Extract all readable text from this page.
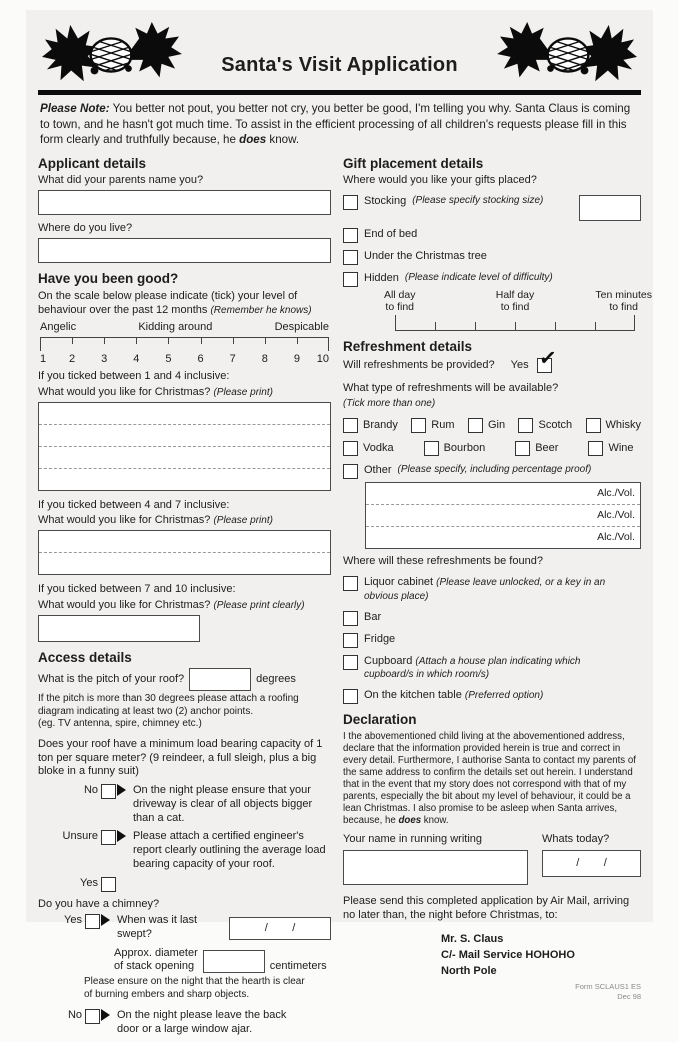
Santa's Visit Application

Please Note: You better not pout, you better not cry, you better be good, I'm telling you why. Santa Claus is coming to town, and he hasn't got much time. To assist in the efficient processing of all children's requests please fill in this form clearly and truthfully because, he does know.

Applicant details
What did your parents name you?
Where do you live?
Have you been good?
On the scale below please indicate (tick) your level of behaviour over the past 12 months (Remember he knows)
Angelic	Kidding around	Despicable
1 2 3 4 5 6 7 8 9 10
If you ticked between 1 and 4 inclusive:
What would you like for Christmas? (Please print)
If you ticked between 4 and 7 inclusive:
What would you like for Christmas? (Please print)
If you ticked between 7 and 10 inclusive:
What would you like for Christmas? (Please print clearly)
Access details
What is the pitch of your roof?	degrees
If the pitch is more than 30 degrees please attach a roofing diagram indicating at least two (2) anchor points.
(eg. TV antenna, spire, chimney etc.)
Does your roof have a minimum load bearing capacity of 1 ton per square meter? (9 reindeer, a full sleigh, plus a big bloke in a funny suit)
No	On the night please ensure that your driveway is clear of all objects bigger than a cat.
Unsure	Please attach a certified engineer's report clearly outlining the average load bearing capacity of your roof.
Yes
Do you have a chimney?
Yes	When was it last swept?
/        /
Approx. diameter
of stack opening	centimeters
Please ensure on the night that the hearth is clear of burning embers and sharp objects.
No	On the night please leave the back door or a large window ajar.
Gift placement details
Where would you like your gifts placed?
Stocking (Please specify stocking size)
End of bed
Under the Christmas tree
Hidden (Please indicate level of difficulty)
All day
to find
Half day
to find
Ten minutes
to find
Refreshment details
Will refreshments be provided? Yes ✓
What type of refreshments will be available?
(Tick more than one)
Brandy	Rum	Gin	Scotch	Whisky
Vodka	Bourbon	Beer	Wine
Other (Please specify, including percentage proof)
Alc./Vol.
Alc./Vol.
Alc./Vol.
Where will these refreshments be found?
Liquor cabinet (Please leave unlocked, or a key in an obvious place)
Bar
Fridge
Cupboard (Attach a house plan indicating which cupboard/s in which room/s)
On the kitchen table (Preferred option)
Declaration
I the abovementioned child living at the abovementioned address, declare that the information provided herein is true and correct in every detail. Furthermore, I authorise Santa to contact my parents of the same address to confirm the details set out herein. I understand that in the event that my story does not correspond with that of my parents, especially the bit about my level of behaviour, it could be a lean Christmas. I also promise to be asleep when Santa arrives, because, he does know.
Your name in running writing	Whats today?
/        /
Please send this completed application by Air Mail, arriving no later than, the night before Christmas, to:
Mr. S. Claus
C/- Mail Service HOHOHO
North Pole
Form SCLAUS1 ES
Dec 98
